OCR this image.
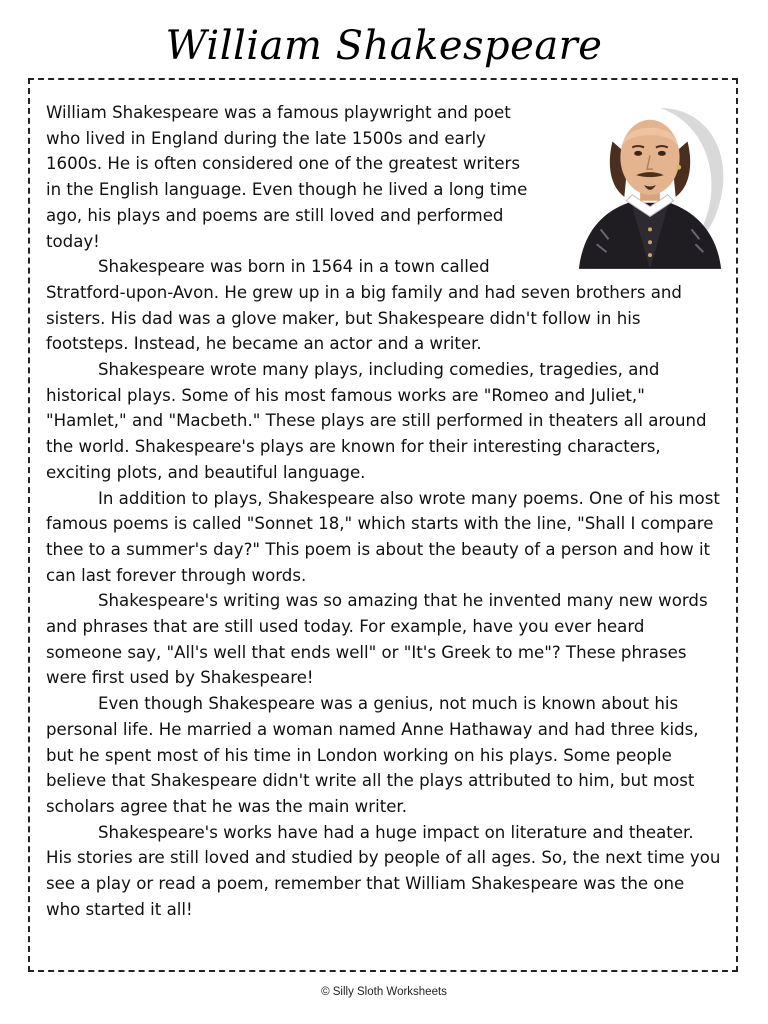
William Shakespeare

William Shakespeare was a famous playwright and poet who lived in England during the late 1500s and early 1600s. He is often considered one of the greatest writers in the English language. Even though he lived a long time ago, his plays and poems are still loved and performed today!

Shakespeare was born in 1564 in a town called Stratford-upon-Avon. He grew up in a big family and had seven brothers and sisters. His dad was a glove maker, but Shakespeare didn't follow in his footsteps. Instead, he became an actor and a writer.

Shakespeare wrote many plays, including comedies, tragedies, and historical plays. Some of his most famous works are "Romeo and Juliet," "Hamlet," and "Macbeth." These plays are still performed in theaters all around the world. Shakespeare's plays are known for their interesting characters, exciting plots, and beautiful language.

In addition to plays, Shakespeare also wrote many poems. One of his most famous poems is called "Sonnet 18," which starts with the line, "Shall I compare thee to a summer's day?" This poem is about the beauty of a person and how it can last forever through words.

Shakespeare's writing was so amazing that he invented many new words and phrases that are still used today. For example, have you ever heard someone say, "All's well that ends well" or "It's Greek to me"? These phrases were first used by Shakespeare!

Even though Shakespeare was a genius, not much is known about his personal life. He married a woman named Anne Hathaway and had three kids, but he spent most of his time in London working on his plays. Some people believe that Shakespeare didn't write all the plays attributed to him, but most scholars agree that he was the main writer.

Shakespeare's works have had a huge impact on literature and theater. His stories are still loved and studied by people of all ages. So, the next time you see a play or read a poem, remember that William Shakespeare was the one who started it all!

© Silly Sloth Worksheets
